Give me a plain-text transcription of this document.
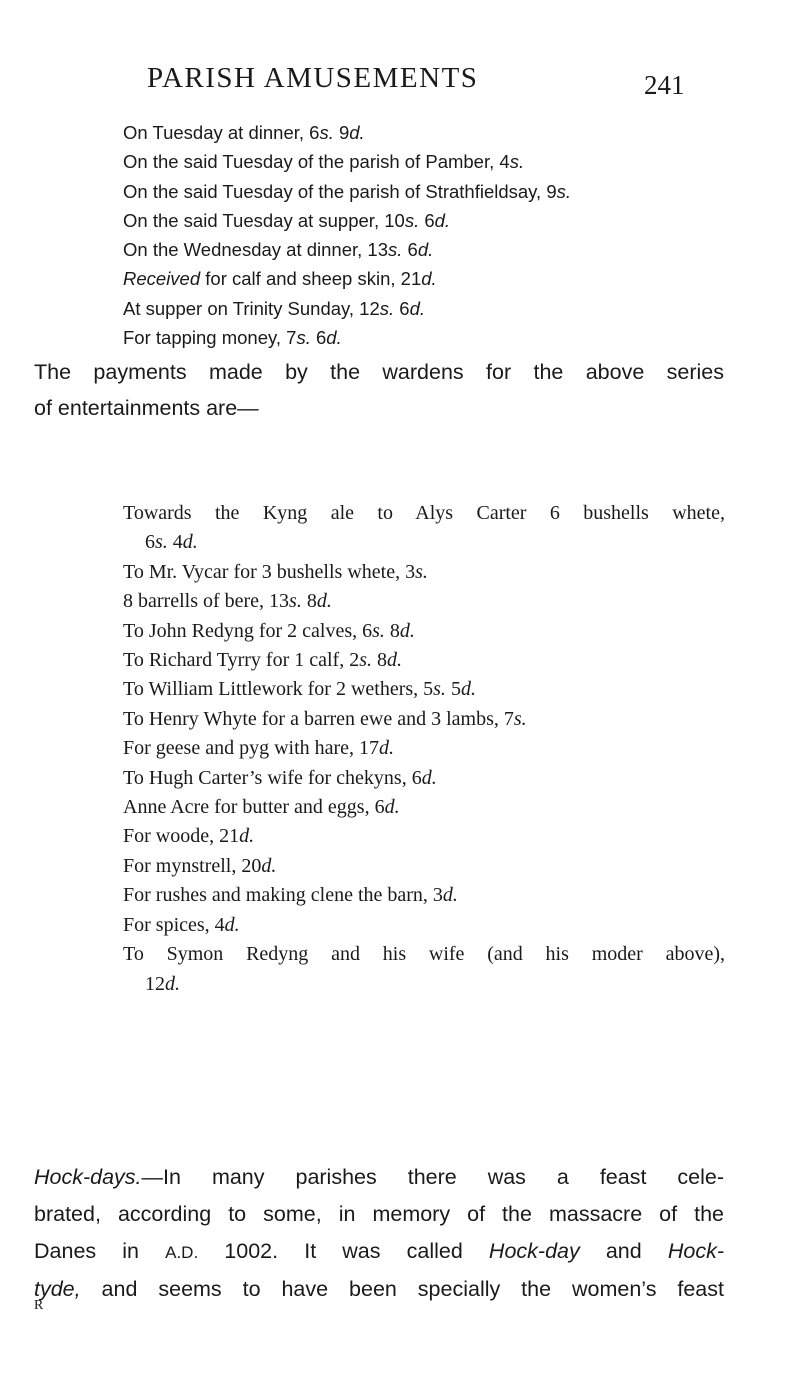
PARISH AMUSEMENTS	241
On Tuesday at dinner, 6s. 9d.
On the said Tuesday of the parish of Pamber, 4s.
On the said Tuesday of the parish of Strathfieldsay, 9s.
On the said Tuesday at supper, 10s. 6d.
On the Wednesday at dinner, 13s. 6d.
Received for calf and sheep skin, 21d.
At supper on Trinity Sunday, 12s. 6d.
For tapping money, 7s. 6d.
The payments made by the wardens for the above series
of entertainments are—
Towards the Kyng ale to Alys Carter 6 bushells whete,
6s. 4d.
To Mr. Vycar for 3 bushells whete, 3s.
8 barrells of bere, 13s. 8d.
To John Redyng for 2 calves, 6s. 8d.
To Richard Tyrry for 1 calf, 2s. 8d.
To William Littlework for 2 wethers, 5s. 5d.
To Henry Whyte for a barren ewe and 3 lambs, 7s.
For geese and pyg with hare, 17d.
To Hugh Carter’s wife for chekyns, 6d.
Anne Acre for butter and eggs, 6d.
For woode, 21d.
For mynstrell, 20d.
For rushes and making clene the barn, 3d.
For spices, 4d.
To Symon Redyng and his wife (and his moder above),
12d.
Hock-days.—In many parishes there was a feast cele-
brated, according to some, in memory of the massacre of the
Danes in A.D. 1002. It was called Hock-day and Hock-
tyde, and seems to have been specially the women’s feast
R
